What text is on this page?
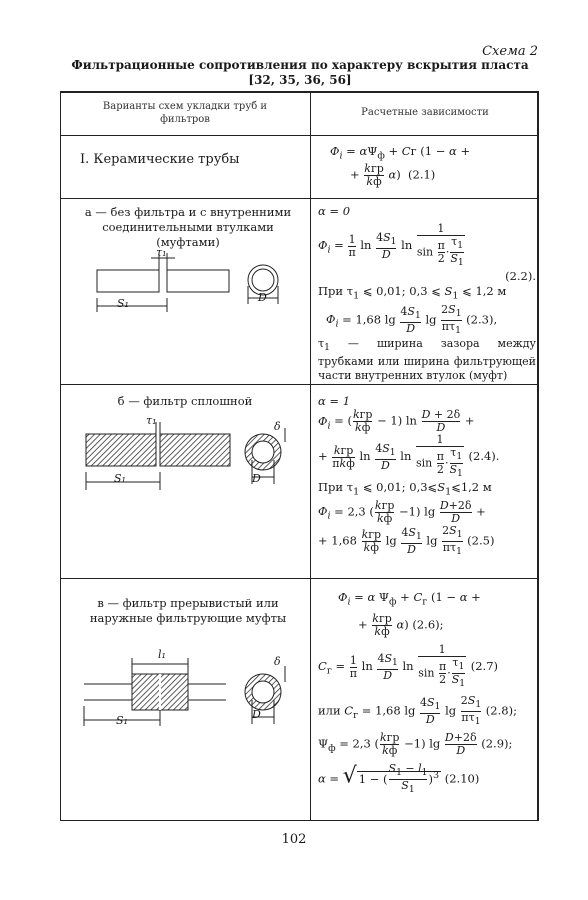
Схема 2
Фильтрационные сопротивления по характеру вскрытия пласта
[32, 35, 36, 56]
Варианты схем укладки труб и фильтров
Расчетные зависимости
I. Керамические трубы
$\Phi_i = \alpha\Psi_ф$ + Cг (1 − α +
+ $\frac{\text{kгр}}{kф} \alpha$)  (2.1)
а — без фильтра и с внутренними соединительными втулками (муфтами)
τ₁
S₁	D
α = 0
$\Phi_i = \frac{1}{\pi}$ $\ln \frac{4S_1}{D}$ $\ln \frac{1}{\sin \frac{\pi}{2} \cdot \frac{\tau_1}{S_1}}$
(2.2).
При $\tau_1$ ⩽ 0,01; 0,3 ⩽ $S_1$ ⩽ 1,2 м
$\Phi_i = 1,68$ $\lg \frac{4S_1}{D}$ $\lg \frac{2S_1}{\pi\tau_1} (2.3)$,
$\tau_1$ — ширина зазора между трубками или ширина фильтрующей части внутренних втулок (муфт)
б — фильтр сплошной
τ₁
S₁	D
δ
α = 1
$\Phi_i$ = ( $\frac{\text{kгр}}{kф} - 1$) $\ln \frac{D + 2\delta}{D}$ +
+ $\frac{\text{kгр}}{\text{πkф}}$ $\ln \frac{4S_1}{D}$ $\ln \frac{1}{\sin \frac{\pi}{2} \cdot \frac{\tau_1}{S_1}} (2.4)$.
При $\tau_1$ ⩽ 0,01; $0,3⩽S_1⩽1,2$ м
$\Phi_i = 2,3$ ( $\frac{\text{kгр}}{kф} -1$) $\lg \frac{D+2\delta}{D}$ +
+ $1,68 \frac{\text{kгр}}{kф}$ $\lg \frac{4S_1}{D}$ $\lg \frac{2S_1}{\pi\tau_1} (2.5)$
в — фильтр прерывистый или наружные фильтрующие муфты
l₁
S₁	D
δ
$\Phi_i = \alpha$ $\Psi_ф + C_г$ (1 − α +
+ $\frac{\text{kгр}}{kф} \alpha$) (2.6);
$C_г = \frac{1}{\pi}$ $\ln \frac{4S_1}{D}$ $\ln \frac{1}{\sin \frac{\pi}{2} \cdot \frac{\tau_1}{S_1}} (2.7)$
или $C_г = 1,68$ $\lg \frac{4S_1}{D}$ $\lg \frac{2S_1}{\pi\tau_1} (2.8)$;
$\Psi_ф = 2,3$ ( $\frac{\text{kгр}}{kф} -1$) $\lg \frac{D+2\delta}{D} (2.9)$;
α = √ 1 − ( $\frac{S_1 - l_1}{S_1} )^3$ (2.10)
102
